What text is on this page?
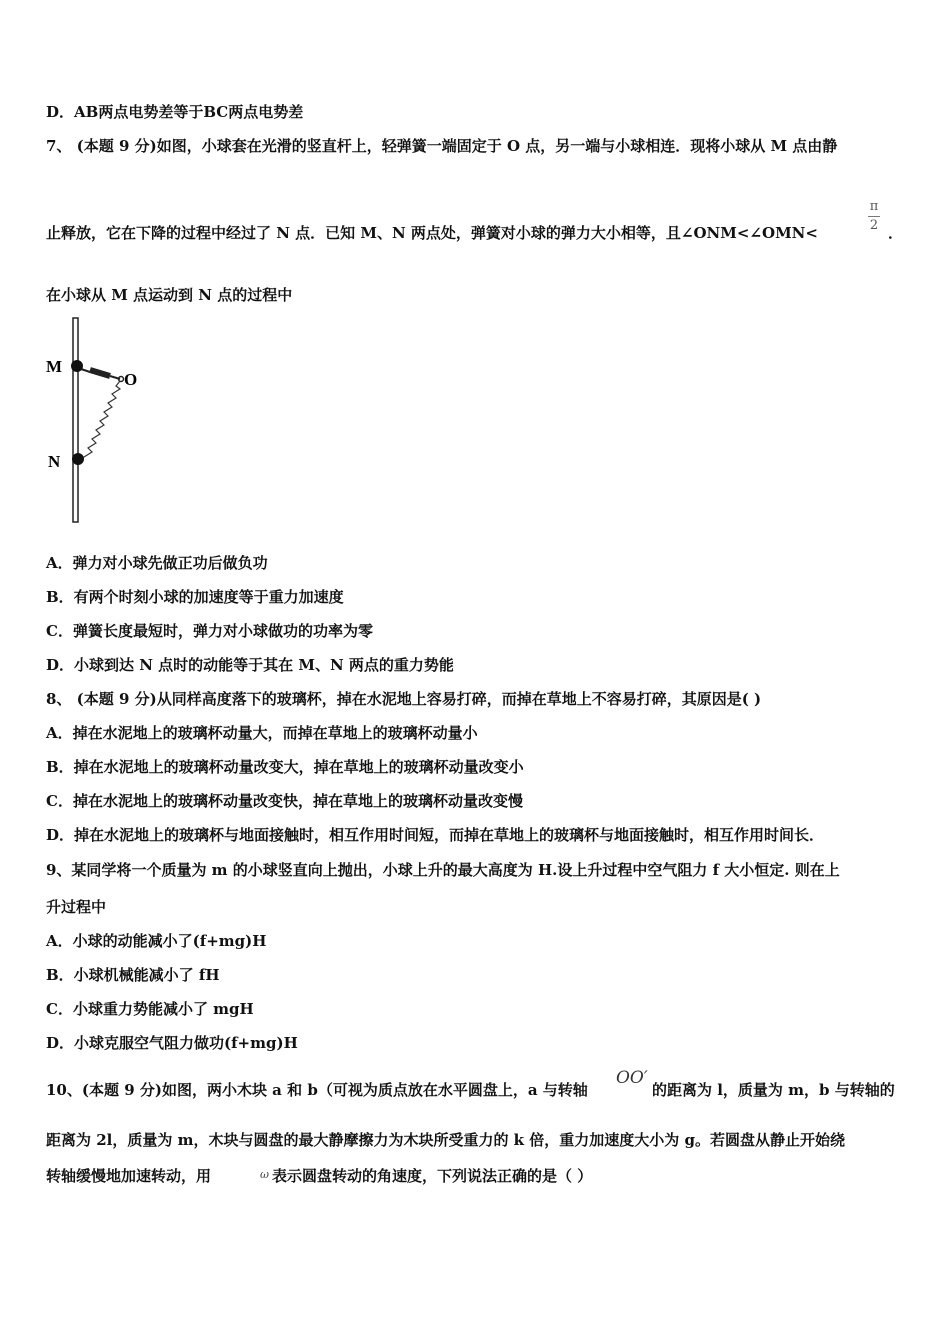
D．AB两点电势差等于BC两点电势差
7、 (本题 9 分)如图，小球套在光滑的竖直杆上，轻弹簧一端固定于 O 点，另一端与小球相连．现将小球从 M 点由静
止释放，它在下降的过程中经过了 N 点．已知 M、N 两点处，弹簧对小球的弹力大小相等，且∠ONM<∠OMN<
π
2 ．
在小球从 M 点运动到 N 点的过程中
M
N
O
A．弹力对小球先做正功后做负功
B．有两个时刻小球的加速度等于重力加速度
C．弹簧长度最短时，弹力对小球做功的功率为零
D．小球到达 N 点时的动能等于其在 M、N 两点的重力势能
8、 (本题 9 分)从同样高度落下的玻璃杯，掉在水泥地上容易打碎，而掉在草地上不容易打碎，其原因是( )
A．掉在水泥地上的玻璃杯动量大，而掉在草地上的玻璃杯动量小
B．掉在水泥地上的玻璃杯动量改变大，掉在草地上的玻璃杯动量改变小
C．掉在水泥地上的玻璃杯动量改变快，掉在草地上的玻璃杯动量改变慢
D．掉在水泥地上的玻璃杯与地面接触时，相互作用时间短，而掉在草地上的玻璃杯与地面接触时，相互作用时间长．
9、某同学将一个质量为 m 的小球竖直向上抛出，小球上升的最大高度为 H.设上升过程中空气阻力 f 大小恒定. 则在上
升过程中
A．小球的动能减小了(f+mg)H
B．小球机械能减小了 fH
C．小球重力势能减小了 mgH
D．小球克服空气阻力做功(f+mg)H
10、(本题 9 分)如图，两小木块 a 和 b（可视为质点放在水平圆盘上，a 与转轴
OO′
的距离为 l，质量为 m，b 与转轴的
距离为 2l，质量为 m，木块与圆盘的最大静摩擦力为木块所受重力的 k 倍，重力加速度大小为 g。若圆盘从静止开始绕
转轴缓慢地加速转动，用	ω 表示圆盘转动的角速度，下列说法正确的是（ ）
